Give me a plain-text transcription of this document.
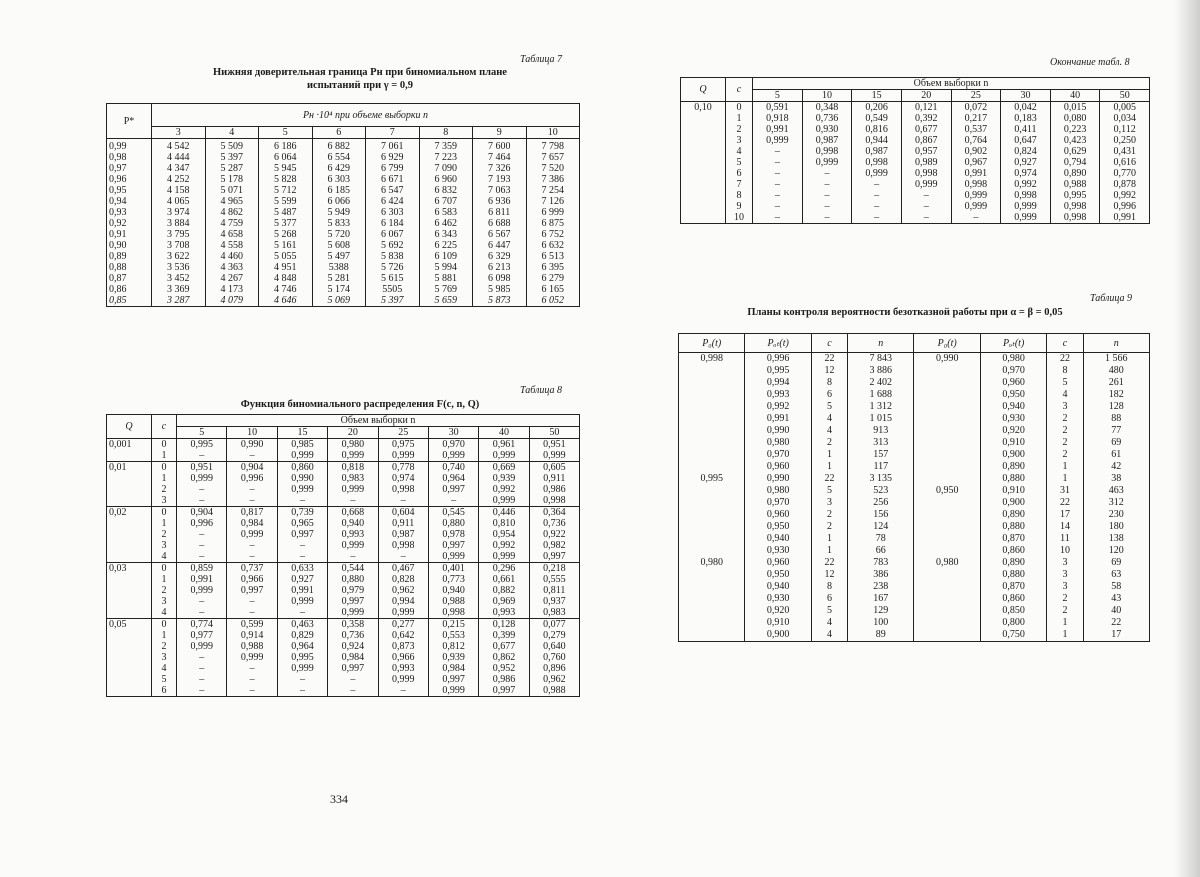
Таблица 7
Нижняя доверительная граница Pн при биномиальном плане
испытаний при γ = 0,9
P*	Pн ·10⁴ при объеме выборки n							
	3	4	5	6	7	8	9	10
0,99	4 542	5 509	6 186	6 882	7 061	7 359	7 600	7 798
0,98	4 444	5 397	6 064	6 554	6 929	7 223	7 464	7 657
0,97	4 347	5 287	5 945	6 429	6 799	7 090	7 326	7 520
0,96	4 252	5 178	5 828	6 303	6 671	6 960	7 193	7 386
0,95	4 158	5 071	5 712	6 185	6 547	6 832	7 063	7 254
0,94	4 065	4 965	5 599	6 066	6 424	6 707	6 936	7 126
0,93	3 974	4 862	5 487	5 949	6 303	6 583	6 811	6 999
0,92	3 884	4 759	5 377	5 833	6 184	6 462	6 688	6 875
0,91	3 795	4 658	5 268	5 720	6 067	6 343	6 567	6 752
0,90	3 708	4 558	5 161	5 608	5 692	6 225	6 447	6 632
0,89	3 622	4 460	5 055	5 497	5 838	6 109	6 329	6 513
0,88	3 536	4 363	4 951	5388	5 726	5 994	6 213	6 395
0,87	3 452	4 267	4 848	5 281	5 615	5 881	6 098	6 279
0,86	3 369	4 173	4 746	5 174	5505	5 769	5 985	6 165
0,85	3 287	4 079	4 646	5 069	5 397	5 659	5 873	6 052
Таблица 8
Функция биномиального распределения F(c, n, Q)
Q	c	Объем выборки n							
		5	10	15	20	25	30	40	50
0,001	0	0,995	0,990	0,985	0,980	0,975	0,970	0,961	0,951
	1	–	–	0,999	0,999	0,999	0,999	0,999	0,999
0,01	0	0,951	0,904	0,860	0,818	0,778	0,740	0,669	0,605
	1	0,999	0,996	0,990	0,983	0,974	0,964	0,939	0,911
	2	–	–	0,999	0,999	0,998	0,997	0,992	0,986
	3	–	–	–	–	–	–	0,999	0,998
0,02	0	0,904	0,817	0,739	0,668	0,604	0,545	0,446	0,364
	1	0,996	0,984	0,965	0,940	0,911	0,880	0,810	0,736
	2	–	0,999	0,997	0,993	0,987	0,978	0,954	0,922
	3	–	–	–	0,999	0,998	0,997	0,992	0,982
	4	–	–	–	–	–	0,999	0,999	0,997
0,03	0	0,859	0,737	0,633	0,544	0,467	0,401	0,296	0,218
	1	0,991	0,966	0,927	0,880	0,828	0,773	0,661	0,555
	2	0,999	0,997	0,991	0,979	0,962	0,940	0,882	0,811
	3	–	–	0,999	0,997	0,994	0,988	0,969	0,937
	4	–	–	–	0,999	0,999	0,998	0,993	0,983
0,05	0	0,774	0,599	0,463	0,358	0,277	0,215	0,128	0,077
	1	0,977	0,914	0,829	0,736	0,642	0,553	0,399	0,279
	2	0,999	0,988	0,964	0,924	0,873	0,812	0,677	0,640
	3	–	0,999	0,995	0,984	0,966	0,939	0,862	0,760
	4	–	–	0,999	0,997	0,993	0,984	0,952	0,896
	5	–	–	–	–	0,999	0,997	0,986	0,962
	6	–	–	–	–	–	0,999	0,997	0,988
334
Окончание табл. 8
Q	c	Объем выборки n							
		5	10	15	20	25	30	40	50
0,10	0	0,591	0,348	0,206	0,121	0,072	0,042	0,015	0,005
	1	0,918	0,736	0,549	0,392	0,217	0,183	0,080	0,034
	2	0,991	0,930	0,816	0,677	0,537	0,411	0,223	0,112
	3	0,999	0,987	0,944	0,867	0,764	0,647	0,423	0,250
	4	–	0,998	0,987	0,957	0,902	0,824	0,629	0,431
	5	–	0,999	0,998	0,989	0,967	0,927	0,794	0,616
	6	–	–	0,999	0,998	0,991	0,974	0,890	0,770
	7	–	–	–	0,999	0,998	0,992	0,988	0,878
	8	–	–	–	–	0,999	0,998	0,995	0,992
	9	–	–	–	–	0,999	0,999	0,998	0,996
	10	–	–	–	–	–	0,999	0,998	0,991
Таблица 9
Планы контроля вероятности безотказной работы при α = β = 0,05
P₀(t)	Pₒₜ(t)	c	n	P₀(t)	Pₒₜ(t)	c	n
0,998	0,996	22	7 843	0,990	0,980	22	1 566
	0,995	12	3 886		0,970	8	480
	0,994	8	2 402		0,960	5	261
	0,993	6	1 688		0,950	4	182
	0,992	5	1 312		0,940	3	128
	0,991	4	1 015		0,930	2	88
	0,990	4	913		0,920	2	77
	0,980	2	313		0,910	2	69
	0,970	1	157		0,900	2	61
	0,960	1	117		0,890	1	42
0,995	0,990	22	3 135		0,880	1	38
	0,980	5	523	0,950	0,910	31	463
	0,970	3	256		0,900	22	312
	0,960	2	156		0,890	17	230
	0,950	2	124		0,880	14	180
	0,940	1	78		0,870	11	138
	0,930	1	66		0,860	10	120
0,980	0,960	22	783	0,980	0,890	3	69
	0,950	12	386		0,880	3	63
	0,940	8	238		0,870	3	58
	0,930	6	167		0,860	2	43
	0,920	5	129		0,850	2	40
	0,910	4	100		0,800	1	22
	0,900	4	89		0,750	1	17
